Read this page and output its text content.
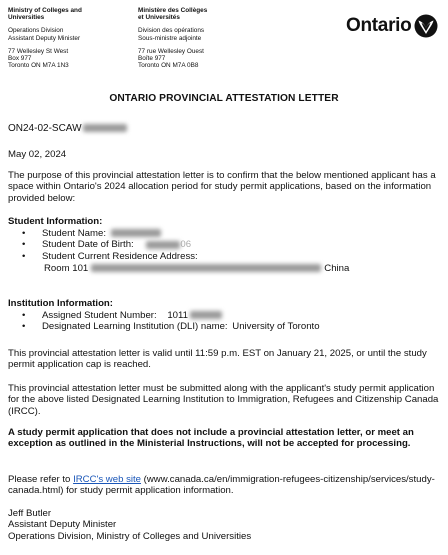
Ministry of Colleges and
Universities
Operations Division
Assistant Deputy Minister
77 Wellesley St West
Box 977
Toronto ON M7A 1N3
Ministère des Collèges
et Universités
Division des opérations
Sous-ministre adjointe
77 rue Wellesley Ouest
Boîte 977
Toronto ON M7A 0B8
Ontario
ONTARIO PROVINCIAL ATTESTATION LETTER
ON24-02-SCAW
May 02, 2024
The purpose of this provincial attestation letter is to confirm that the below mentioned applicant has a space within Ontario's 2024 allocation period for study permit applications, based on the information provided below:
Student Information:
• Student Name:
• Student Date of Birth:	06
• Student Current Residence Address:
Room 101	China
Institution Information:
• Assigned Student Number: 1011
• Designated Learning Institution (DLI) name: University of Toronto
This provincial attestation letter is valid until 11:59 p.m. EST on January 21, 2025, or until the study permit application cap is reached.
This provincial attestation letter must be submitted along with the applicant's study permit application for the above listed Designated Learning Institution to Immigration, Refugees and Citizenship Canada (IRCC).
A study permit application that does not include a provincial attestation letter, or meet an exception as outlined in the Ministerial Instructions, will not be accepted for processing.
Please refer to IRCC's web site (www.canada.ca/en/immigration-refugees-citizenship/services/study-canada.html) for study permit application information.
Jeff Butler
Assistant Deputy Minister
Operations Division, Ministry of Colleges and Universities
